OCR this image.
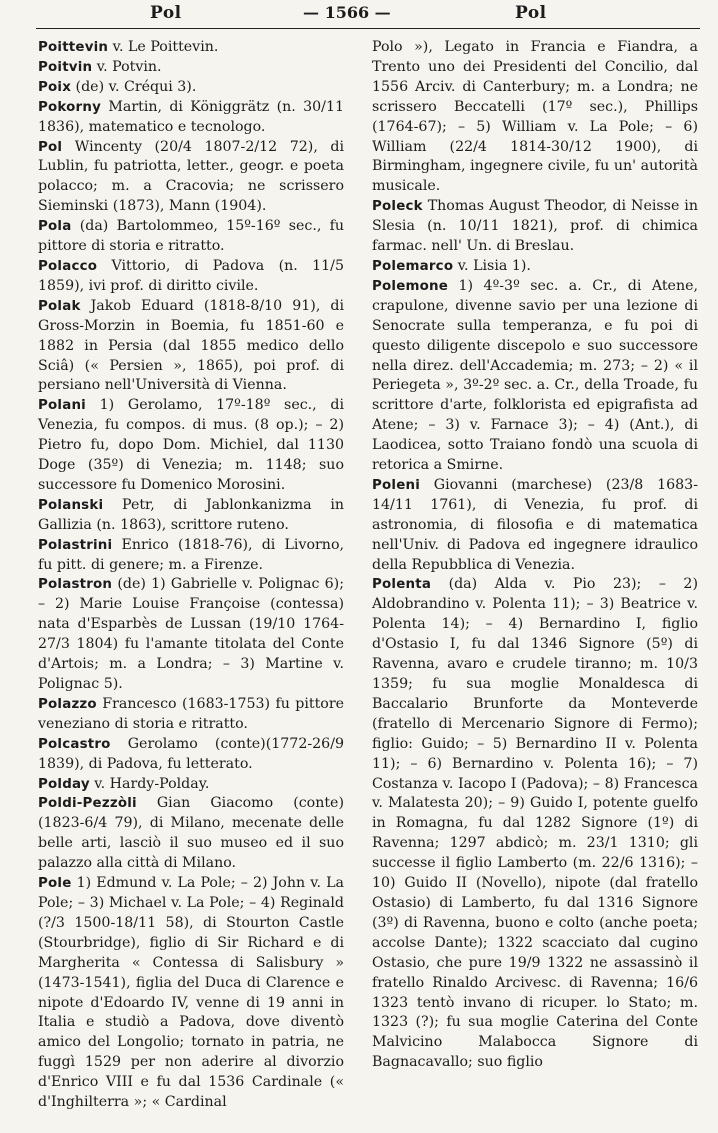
Pol	— 1566 —	Pol

Poittevin v. Le Poittevin.

Poitvin v. Potvin.

Poix (de) v. Créqui 3).

Pokorny Martin, di Königgrätz (n. 30/11 1836), matematico e tecnologo.

Pol Wincenty (20/4 1807-2/12 72), di Lublin, fu patriotta, letter., geogr. e poeta polacco; m. a Cracovia; ne scrissero Sieminski (1873), Mann (1904).

Pola (da) Bartolommeo, 15º-16º sec., fu pittore di storia e ritratto.

Polacco Vittorio, di Padova (n. 11/5 1859), ivi prof. di diritto civile.

Polak Jakob Eduard (1818-8/10 91), di Gross-Morzin in Boemia, fu 1851-60 e 1882 in Persia (dal 1855 medico dello Sciâ) (« Persien », 1865), poi prof. di persiano nell'Università di Vienna.

Polani 1) Gerolamo, 17º-18º sec., di Venezia, fu compos. di mus. (8 op.); – 2) Pietro fu, dopo Dom. Michiel, dal 1130 Doge (35º) di Venezia; m. 1148; suo successore fu Domenico Morosini.

Polanski Petr, di Jablonkanizma in Gallizia (n. 1863), scrittore ruteno.

Polastrini Enrico (1818-76), di Livorno, fu pitt. di genere; m. a Firenze.

Polastron (de) 1) Gabrielle v. Polignac 6); – 2) Marie Louise Françoise (contessa) nata d'Esparbès de Lussan (19/10 1764-27/3 1804) fu l'amante titolata del Conte d'Artois; m. a Londra; – 3) Martine v. Polignac 5).

Polazzo Francesco (1683-1753) fu pittore veneziano di storia e ritratto.

Polcastro Gerolamo (conte)(1772-26/9 1839), di Padova, fu letterato.

Polday v. Hardy-Polday.

Poldi-Pezzòli Gian Giacomo (conte) (1823-6/4 79), di Milano, mecenate delle belle arti, lasciò il suo museo ed il suo palazzo alla città di Milano.

Pole 1) Edmund v. La Pole; – 2) John v. La Pole; – 3) Michael v. La Pole; – 4) Reginald (?/3 1500-18/11 58), di Stourton Castle (Stourbridge), figlio di Sir Richard e di Margherita « Contessa di Salisbury » (1473-1541), figlia del Duca di Clarence e nipote d'Edoardo IV, venne di 19 anni in Italia e studiò a Padova, dove diventò amico del Longolio; tornato in patria, ne fuggì 1529 per non aderire al divorzio d'Enrico VIII e fu dal 1536 Cardinale (« d'Inghilterra »; « Cardinal

Polo »), Legato in Francia e Fiandra, a Trento uno dei Presidenti del Concilio, dal 1556 Arciv. di Canterbury; m. a Londra; ne scrissero Beccatelli (17º sec.), Phillips (1764-67); – 5) William v. La Pole; – 6) William (22/4 1814-30/12 1900), di Birmingham, ingegnere civile, fu un' autorità musicale.

Poleck Thomas August Theodor, di Neisse in Slesia (n. 10/11 1821), prof. di chimica farmac. nell' Un. di Breslau.

Polemarco v. Lisia 1).

Polemone 1) 4º-3º sec. a. Cr., di Atene, crapulone, divenne savio per una lezione di Senocrate sulla temperanza, e fu poi di questo diligente discepolo e suo successore nella direz. dell'Accademia; m. 273; – 2) « il Periegeta », 3º-2º sec. a. Cr., della Troade, fu scrittore d'arte, folklorista ed epigrafista ad Atene; – 3) v. Farnace 3); – 4) (Ant.), di Laodicea, sotto Traiano fondò una scuola di retorica a Smirne.

Poleni Giovanni (marchese) (23/8 1683-14/11 1761), di Venezia, fu prof. di astronomia, di filosofia e di matematica nell'Univ. di Padova ed ingegnere idraulico della Repubblica di Venezia.

Polenta (da) Alda v. Pio 23); – 2) Aldobrandino v. Polenta 11); – 3) Beatrice v. Polenta 14); – 4) Bernardino I, figlio d'Ostasio I, fu dal 1346 Signore (5º) di Ravenna, avaro e crudele tiranno; m. 10/3 1359; fu sua moglie Monaldesca di Baccalario Brunforte da Monteverde (fratello di Mercenario Signore di Fermo); figlio: Guido; – 5) Bernardino II v. Polenta 11); – 6) Bernardino v. Polenta 16); – 7) Costanza v. Iacopo I (Padova); – 8) Francesca v. Malatesta 20); – 9) Guido I, potente guelfo in Romagna, fu dal 1282 Signore (1º) di Ravenna; 1297 abdicò; m. 23/1 1310; gli successe il figlio Lamberto (m. 22/6 1316); – 10) Guido II (Novello), nipote (dal fratello Ostasio) di Lamberto, fu dal 1316 Signore (3º) di Ravenna, buono e colto (anche poeta; accolse Dante); 1322 scacciato dal cugino Ostasio, che pure 19/9 1322 ne assassinò il fratello Rinaldo Arcivesc. di Ravenna; 16/6 1323 tentò invano di ricuper. lo Stato; m. 1323 (?); fu sua moglie Caterina del Conte Malvicino Malabocca Signore di Bagnacavallo; suo figlio
